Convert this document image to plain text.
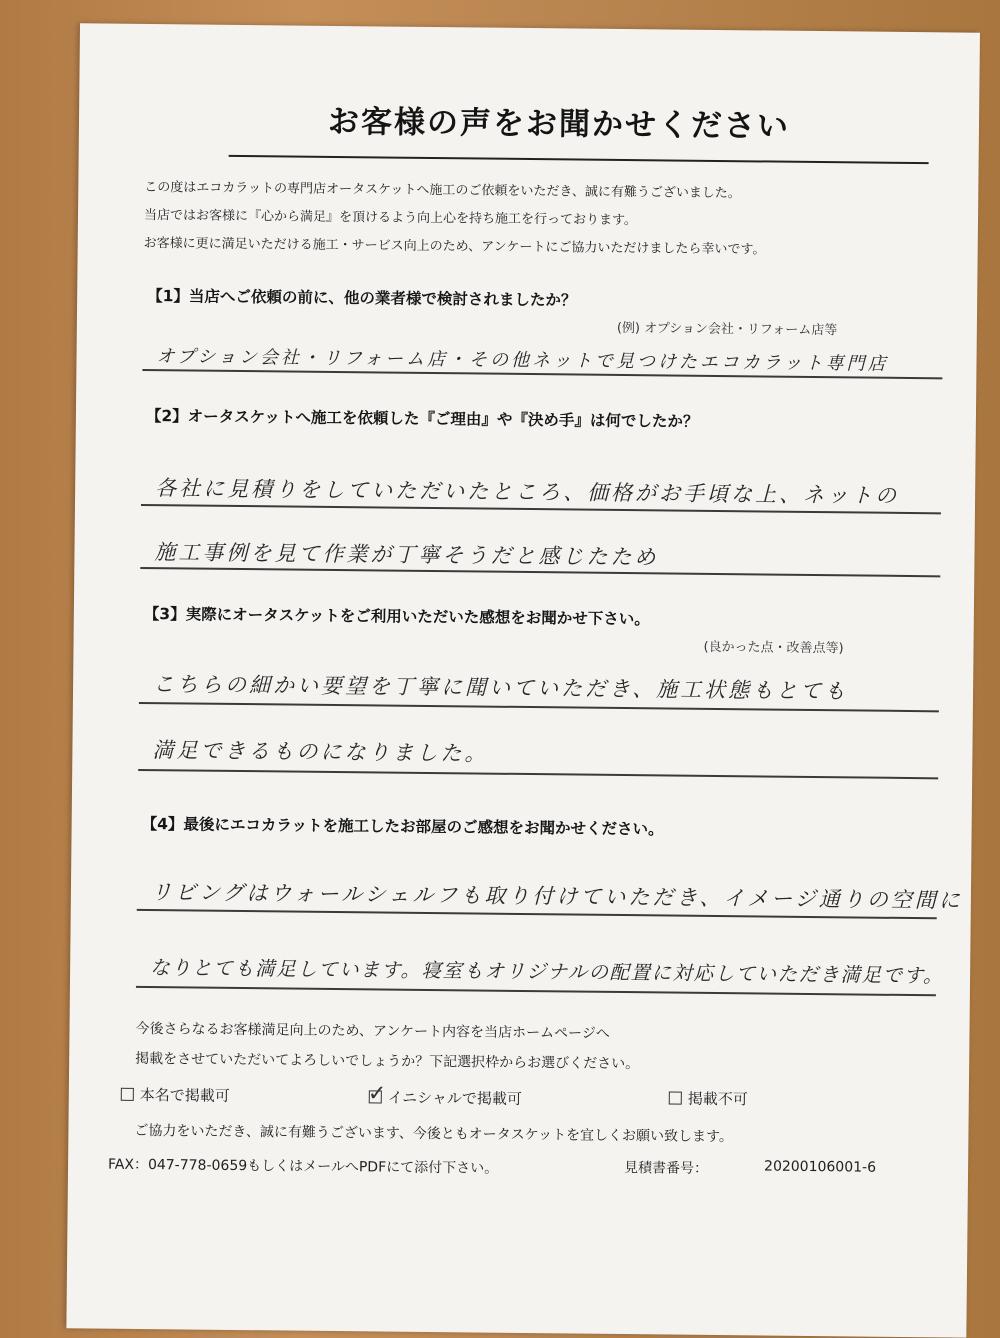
お客様の声をお聞かせください
この度はエコカラットの専門店オータスケットへ施工のご依頼をいただき、誠に有難うございました。
当店ではお客様に『心から満足』を頂けるよう向上心を持ち施工を行っております。
お客様に更に満足いただける施工・サービス向上のため、アンケートにご協力いただけましたら幸いです。
【1】当店へご依頼の前に、他の業者様で検討されましたか？
(例) オプション会社・リフォーム店等
オプション会社・リフォーム店・その他ネットで見つけたエコカラット専門店
【2】オータスケットへ施工を依頼した『ご理由』や『決め手』は何でしたか？
各社に見積りをしていただいたところ、価格がお手頃な上、ネットの
施工事例を見て作業が丁寧そうだと感じたため
【3】実際にオータスケットをご利用いただいた感想をお聞かせ下さい。
(良かった点・改善点等)
こちらの細かい要望を丁寧に聞いていただき、施工状態もとても
満足できるものになりました。
【4】最後にエコカラットを施工したお部屋のご感想をお聞かせください。
リビングはウォールシェルフも取り付けていただき、イメージ通りの空間に
なりとても満足しています。寝室もオリジナルの配置に対応していただき満足です。
今後さらなるお客様満足向上のため、アンケート内容を当店ホームページへ
掲載をさせていただいてよろしいでしょうか？下記選択枠からお選びください。
本名で掲載可	✓ イニシャルで掲載可	掲載不可
ご協力をいただき、誠に有難うございます、今後ともオータスケットを宜しくお願い致します。
FAX：047-778-0659もしくはメールへPDFにて添付下さい。	見積書番号：	20200106001-6
